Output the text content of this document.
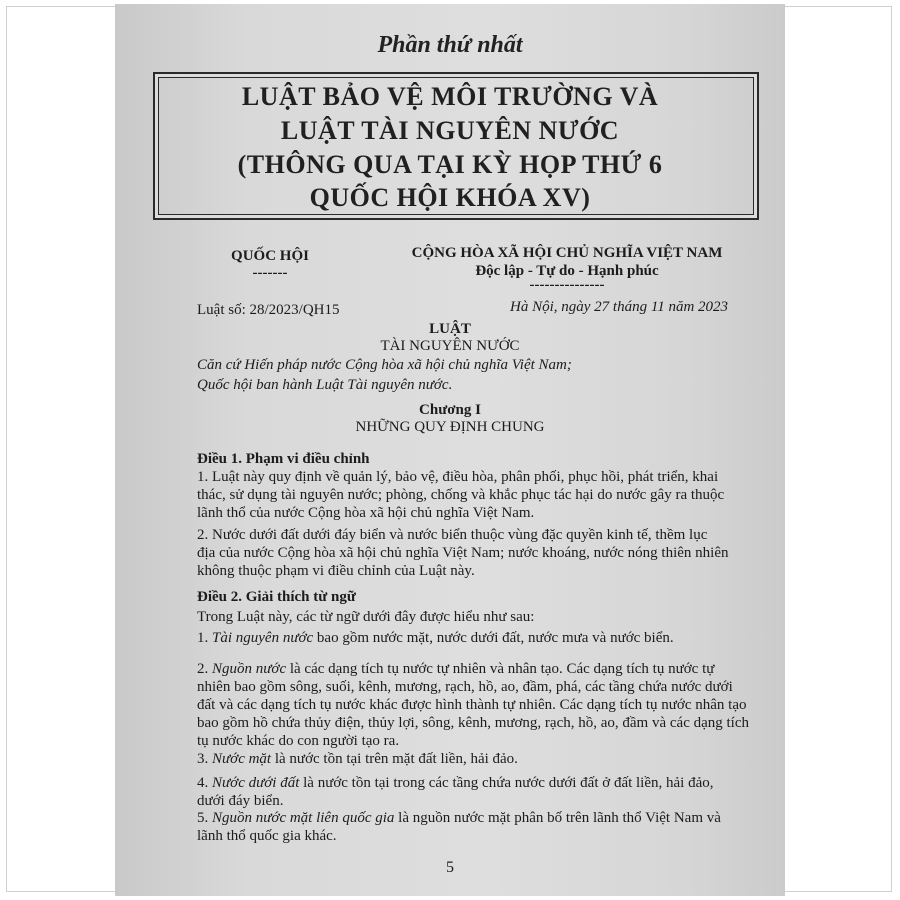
Phần thứ nhất
LUẬT BẢO VỆ MÔI TRƯỜNG VÀ
LUẬT TÀI NGUYÊN NƯỚC
(THÔNG QUA TẠI KỲ HỌP THỨ 6
QUỐC HỘI KHÓA XV)
QUỐC HỘI
-------
CỘNG HÒA XÃ HỘI CHỦ NGHĨA VIỆT NAM
Độc lập - Tự do - Hạnh phúc
---------------
Luật số: 28/2023/QH15	Hà Nội, ngày 27 tháng 11 năm 2023
LUẬT
TÀI NGUYÊN NƯỚC
Căn cứ Hiến pháp nước Cộng hòa xã hội chủ nghĩa Việt Nam;
Quốc hội ban hành Luật Tài nguyên nước.
Chương I
NHỮNG QUY ĐỊNH CHUNG
Điều 1. Phạm vi điều chỉnh
1. Luật này quy định về quản lý, bảo vệ, điều hòa, phân phối, phục hồi, phát triển, khai
thác, sử dụng tài nguyên nước; phòng, chống và khắc phục tác hại do nước gây ra thuộc
lãnh thổ của nước Cộng hòa xã hội chủ nghĩa Việt Nam.
2. Nước dưới đất dưới đáy biển và nước biển thuộc vùng đặc quyền kinh tế, thềm lục
địa của nước Cộng hòa xã hội chủ nghĩa Việt Nam; nước khoáng, nước nóng thiên nhiên
không thuộc phạm vi điều chỉnh của Luật này.
Điều 2. Giải thích từ ngữ
Trong Luật này, các từ ngữ dưới đây được hiểu như sau:
1. Tài nguyên nước bao gồm nước mặt, nước dưới đất, nước mưa và nước biển.
2. Nguồn nước là các dạng tích tụ nước tự nhiên và nhân tạo. Các dạng tích tụ nước tự
nhiên bao gồm sông, suối, kênh, mương, rạch, hồ, ao, đầm, phá, các tầng chứa nước dưới
đất và các dạng tích tụ nước khác được hình thành tự nhiên. Các dạng tích tụ nước nhân tạo
bao gồm hồ chứa thủy điện, thủy lợi, sông, kênh, mương, rạch, hồ, ao, đầm và các dạng tích
tụ nước khác do con người tạo ra.
3. Nước mặt là nước tồn tại trên mặt đất liền, hải đảo.
4. Nước dưới đất là nước tồn tại trong các tầng chứa nước dưới đất ở đất liền, hải đảo,
dưới đáy biển.
5. Nguồn nước mặt liên quốc gia là nguồn nước mặt phân bố trên lãnh thổ Việt Nam và
lãnh thổ quốc gia khác.
5
